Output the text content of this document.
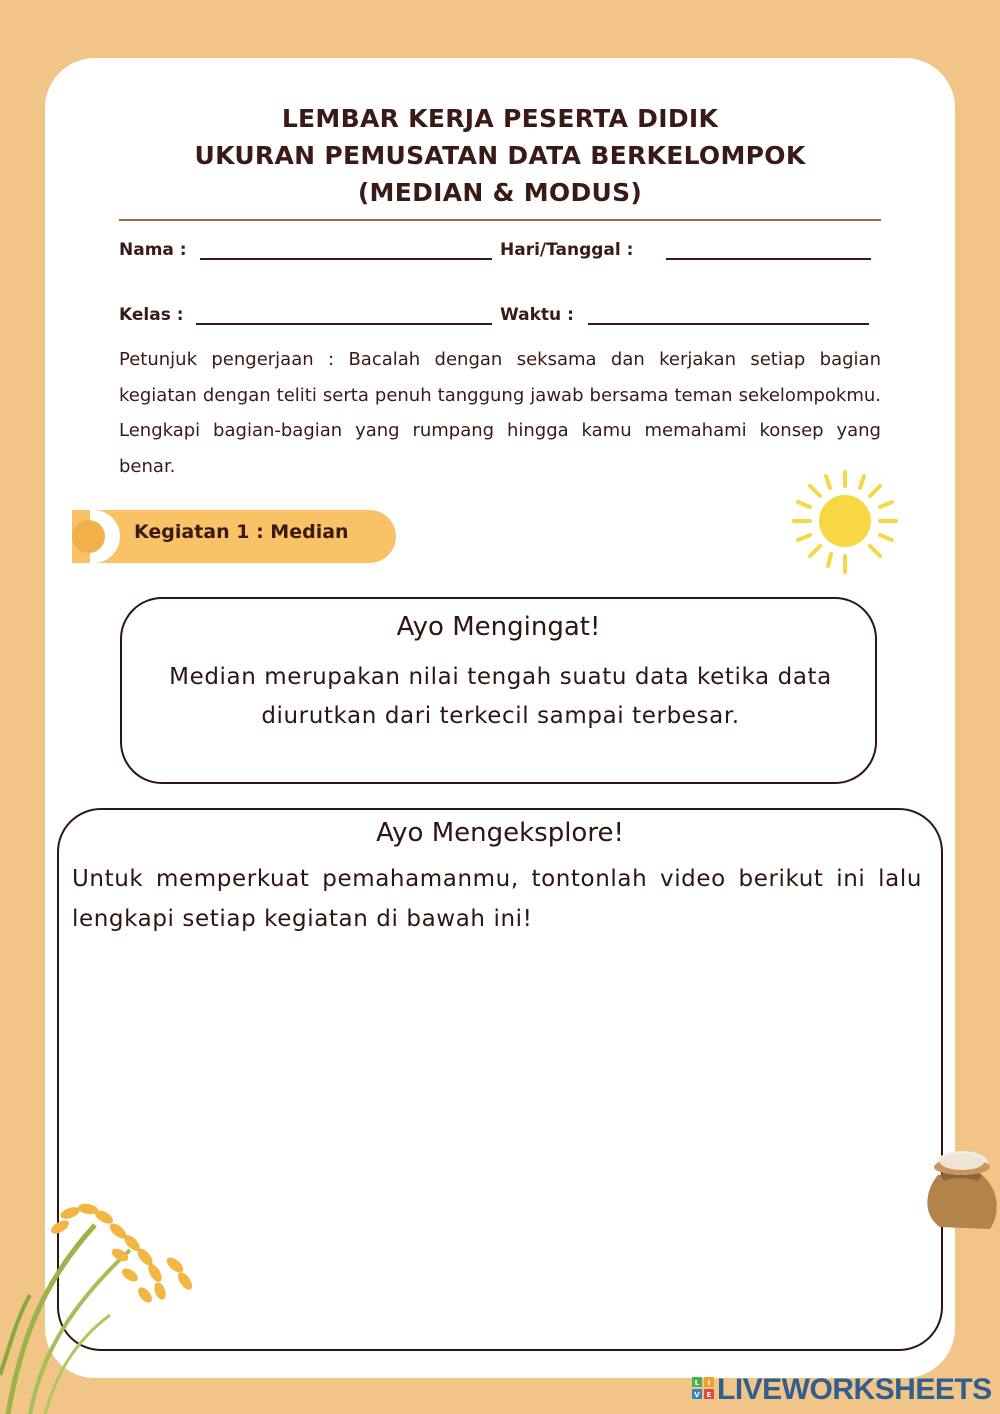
LEMBAR KERJA PESERTA DIDIK
UKURAN PEMUSATAN DATA BERKELOMPOK
(MEDIAN & MODUS)
Nama :	Hari/Tanggal :
Kelas :	Waktu :
Petunjuk pengerjaan : Bacalah dengan seksama dan kerjakan setiap bagian kegiatan dengan teliti serta penuh tanggung jawab bersama teman sekelompokmu. Lengkapi bagian-bagian yang rumpang hingga kamu memahami konsep yang benar.
Kegiatan 1 : Median
Ayo Mengingat!
Median merupakan nilai tengah suatu data ketika data diurutkan dari terkecil sampai terbesar.
Ayo Mengeksplore!
Untuk memperkuat pemahamanmu, tontonlah video berikut ini lalu lengkapi setiap kegiatan di bawah ini!
L I
V E LIVEWORKSHEETS
